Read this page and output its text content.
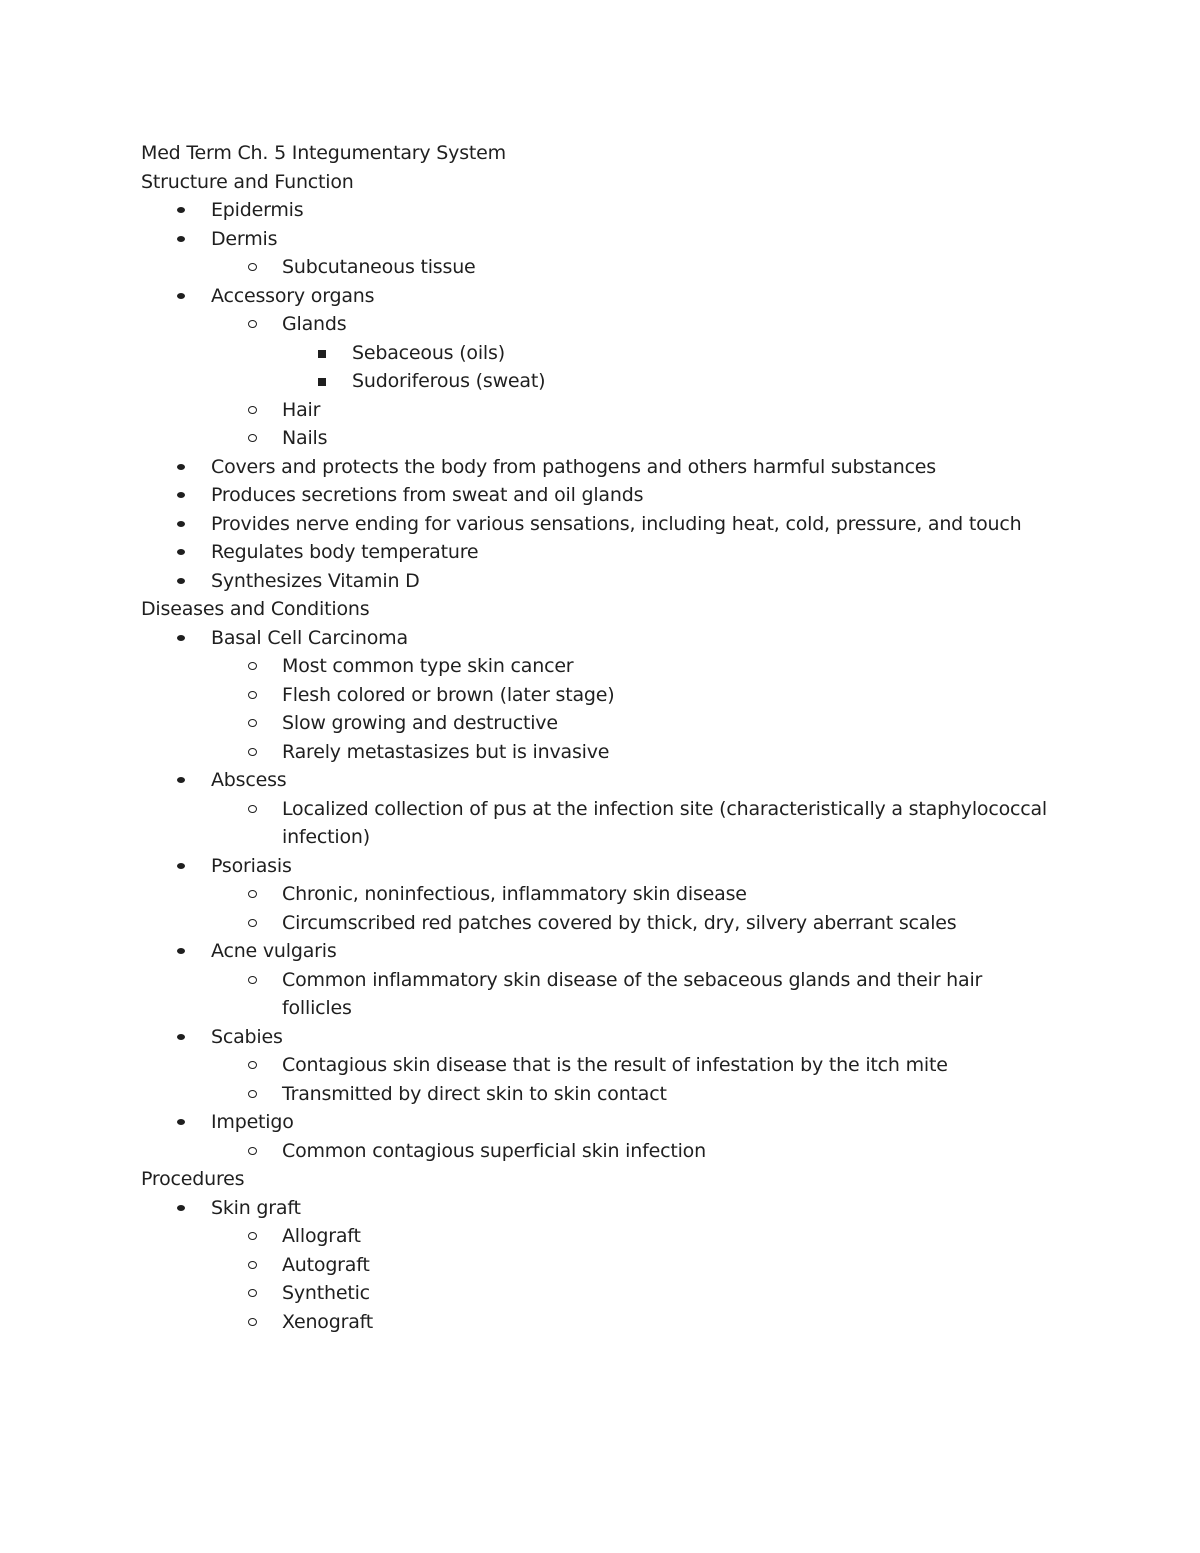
Med Term Ch. 5 Integumentary System
Structure and Function
Epidermis
Dermis
Subcutaneous tissue
Accessory organs
Glands
Sebaceous (oils)
Sudoriferous (sweat)
Hair
Nails
Covers and protects the body from pathogens and others harmful substances
Produces secretions from sweat and oil glands
Provides nerve ending for various sensations, including heat, cold, pressure, and touch
Regulates body temperature
Synthesizes Vitamin D
Diseases and Conditions
Basal Cell Carcinoma
Most common type skin cancer
Flesh colored or brown (later stage)
Slow growing and destructive
Rarely metastasizes but is invasive
Abscess
Localized collection of pus at the infection site (characteristically a staphylococcal
infection)
Psoriasis
Chronic, noninfectious, inflammatory skin disease
Circumscribed red patches covered by thick, dry, silvery aberrant scales
Acne vulgaris
Common inflammatory skin disease of the sebaceous glands and their hair
follicles
Scabies
Contagious skin disease that is the result of infestation by the itch mite
Transmitted by direct skin to skin contact
Impetigo
Common contagious superficial skin infection
Procedures
Skin graft
Allograft
Autograft
Synthetic
Xenograft
